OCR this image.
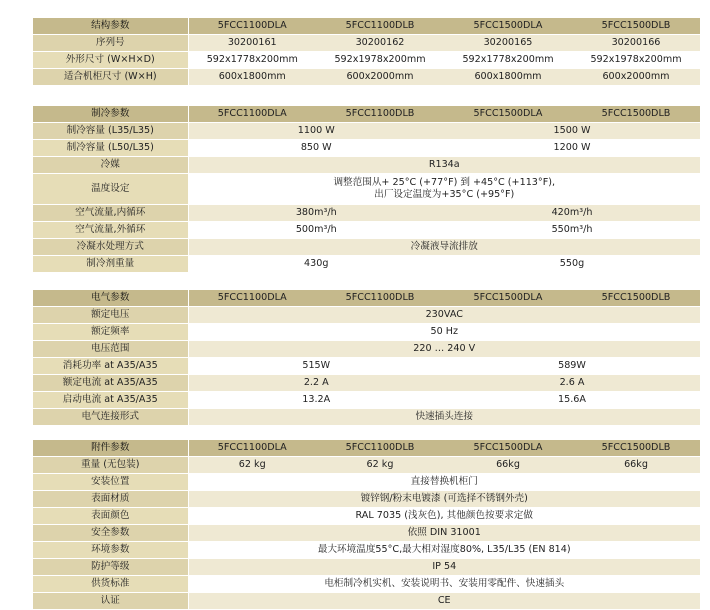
结构参数	5FCC1100DLA	5FCC1100DLB	5FCC1500DLA	5FCC1500DLB
序列号	30200161	30200162	30200165	30200166
外形尺寸 (W×H×D)	592x1778x200mm	592x1978x200mm	592x1778x200mm	592x1978x200mm
适合机柜尺寸 (W×H)	600x1800mm	600x2000mm	600x1800mm	600x2000mm
制冷参数	5FCC1100DLA	5FCC1100DLB	5FCC1500DLA	5FCC1500DLB
制冷容量 (L35/L35)	1100 W		1500 W	
制冷容量 (L50/L35)	850 W		1200 W	
冷媒	R134a			
温度设定	调整范围从+ 25°C (+77°F) 到 +45°C (+113°F),
出厂设定温度为+35°C (+95°F)			

空气流量,内循环	380m³/h		420m³/h	
空气流量,外循环	500m³/h		550m³/h	
冷凝水处理方式	冷凝液导流排放			
制冷剂重量	430g		550g	
电气参数	5FCC1100DLA	5FCC1100DLB	5FCC1500DLA	5FCC1500DLB
额定电压	230VAC			
额定频率	50 Hz			
电压范围	220 … 240 V			
消耗功率 at A35/A35	515W		589W	
额定电流 at A35/A35	2.2 A		2.6 A	
启动电流 at A35/A35	13.2A		15.6A	
电气连接形式	快速插头连接			
附件参数	5FCC1100DLA	5FCC1100DLB	5FCC1500DLA	5FCC1500DLB
重量 (无包装)	62 kg	62 kg	66kg	66kg
安装位置	直接替换机柜门			
表面材质	镀锌钢/粉末电镀漆 (可选择不锈钢外壳)			
表面颜色	RAL 7035 (浅灰色), 其他颜色按要求定做			
安全参数	依照 DIN 31001			
环境参数	最大环境温度55°C,最大相对湿度80%, L35/L35 (EN 814)			
防护等级	IP 54			
供货标准	电柜制冷机实机、安装说明书、安装用零配件、快速插头			
认证	CE			
